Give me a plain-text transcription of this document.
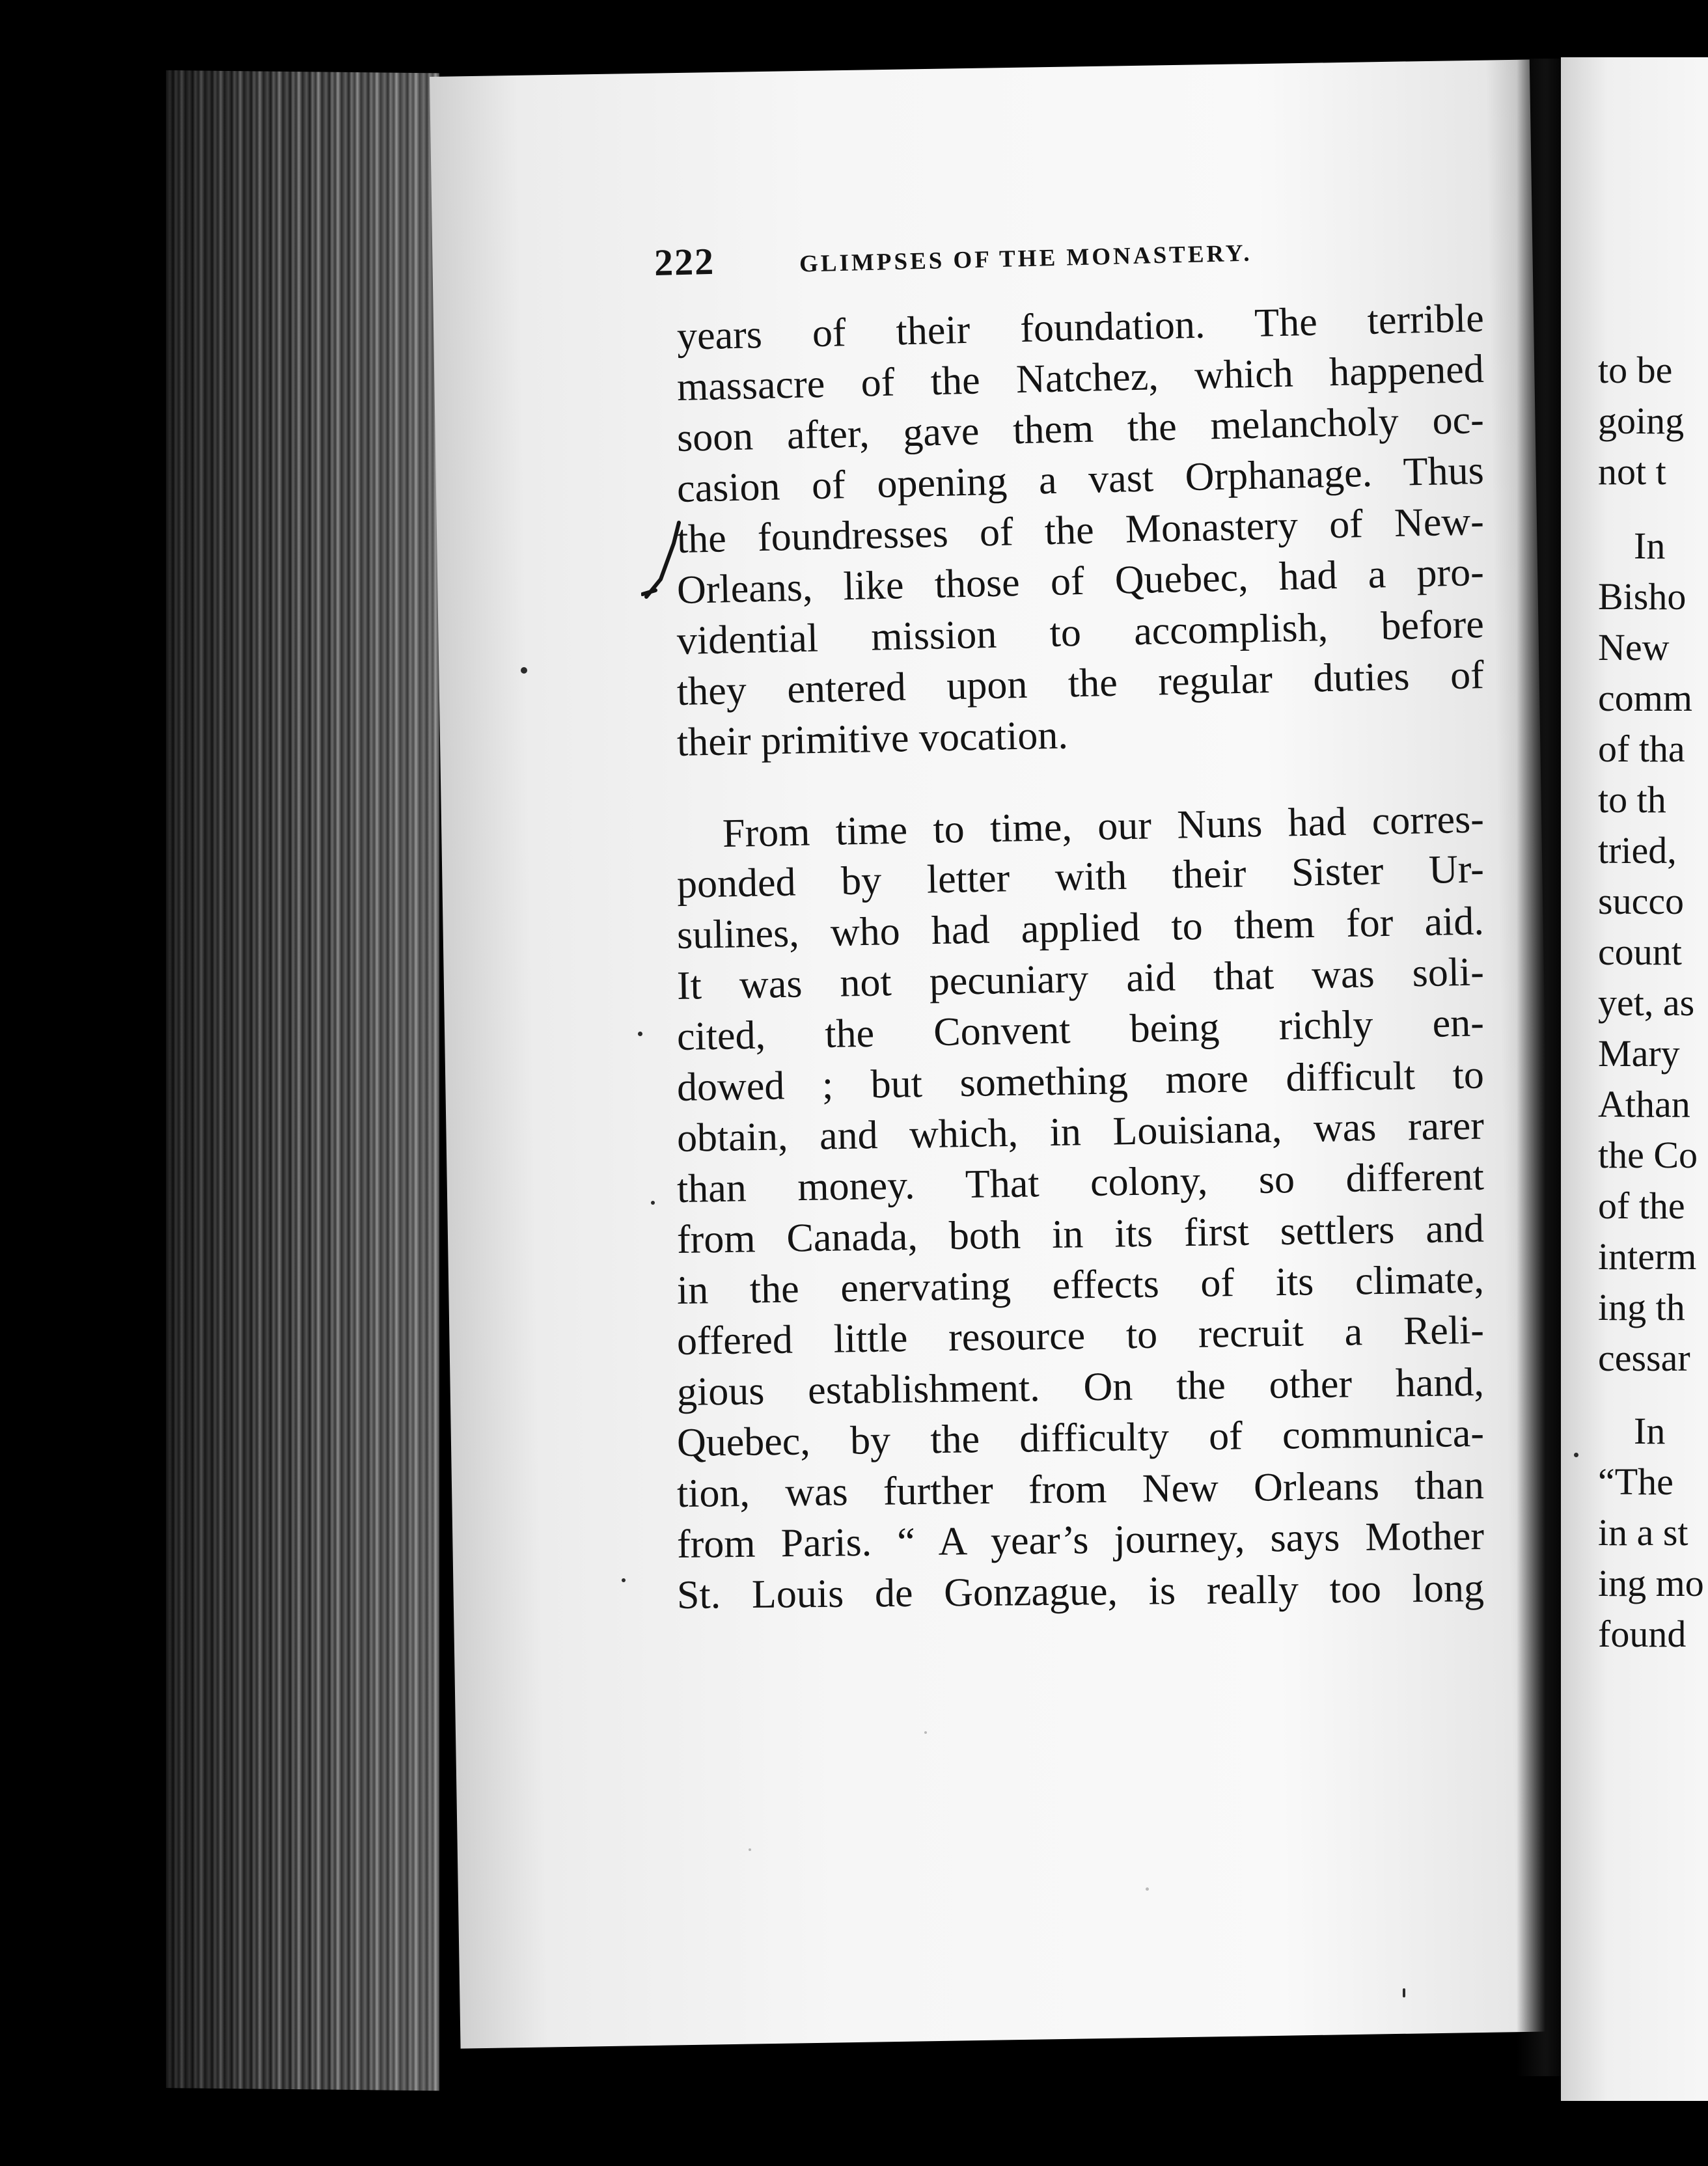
222	GLIMPSES OF THE MONASTERY.
years of their foundation. The terrible
massacre of the Natchez, which happened
soon after, gave them the melancholy oc-
casion of opening a vast Orphanage. Thus
the foundresses of the Monastery of New-
Orleans, like those of Quebec, had a pro-
vidential mission to accomplish, before
they entered upon the regular duties of
their primitive vocation.
From time to time, our Nuns had corres-
ponded by letter with their Sister Ur-
sulines, who had applied to them for aid.
It was not pecuniary aid that was soli-
cited, the Convent being richly en-
dowed ; but something more difficult to
obtain, and which, in Louisiana, was rarer
than money. That colony, so different
from Canada, both in its first settlers and
in the enervating effects of its climate,
offered little resource to recruit a Reli-
gious establishment. On the other hand,
Quebec, by the difficulty of communica-
tion, was further from New Orleans than
from Paris. “ A year’s journey, says Mother
St. Louis de Gonzague, is really too long
to be
going
not t
In
Bisho
New
comm
of tha
to th
tried,
succo
count
yet, as
Mary
Athan
the Co
of the
interm
ing th
cessar
In
“The
in a st
ing mo
found
